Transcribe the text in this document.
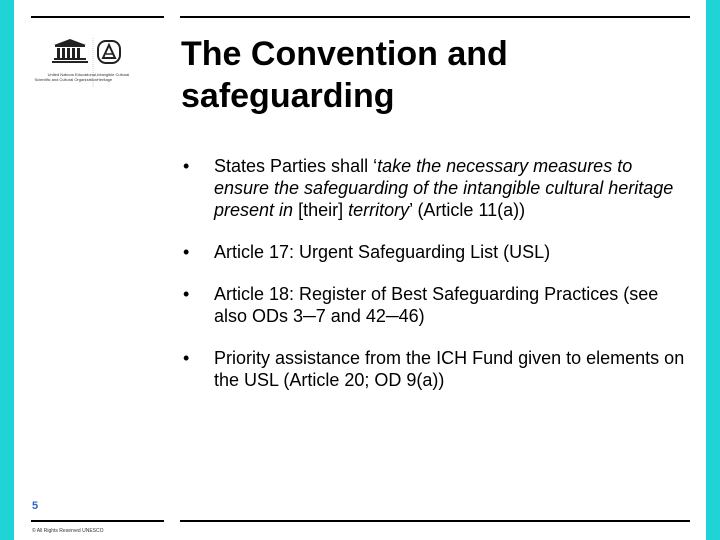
United Nations Educational, Scientific and Cultural Organization
Intangible Cultural Heritage
The Convention and safeguarding
• States Parties shall ‘take the necessary measures to ensure the safeguarding of the intangible cultural heritage present in [their] territory’ (Article 11(a))
• Article 17: Urgent Safeguarding List (USL)
• Article 18: Register of Best Safeguarding Practices (see also ODs 3─7 and 42─46)
• Priority assistance from the ICH Fund given to elements on the USL (Article 20; OD 9(a))
5
© All Rights Reserved UNESCO
